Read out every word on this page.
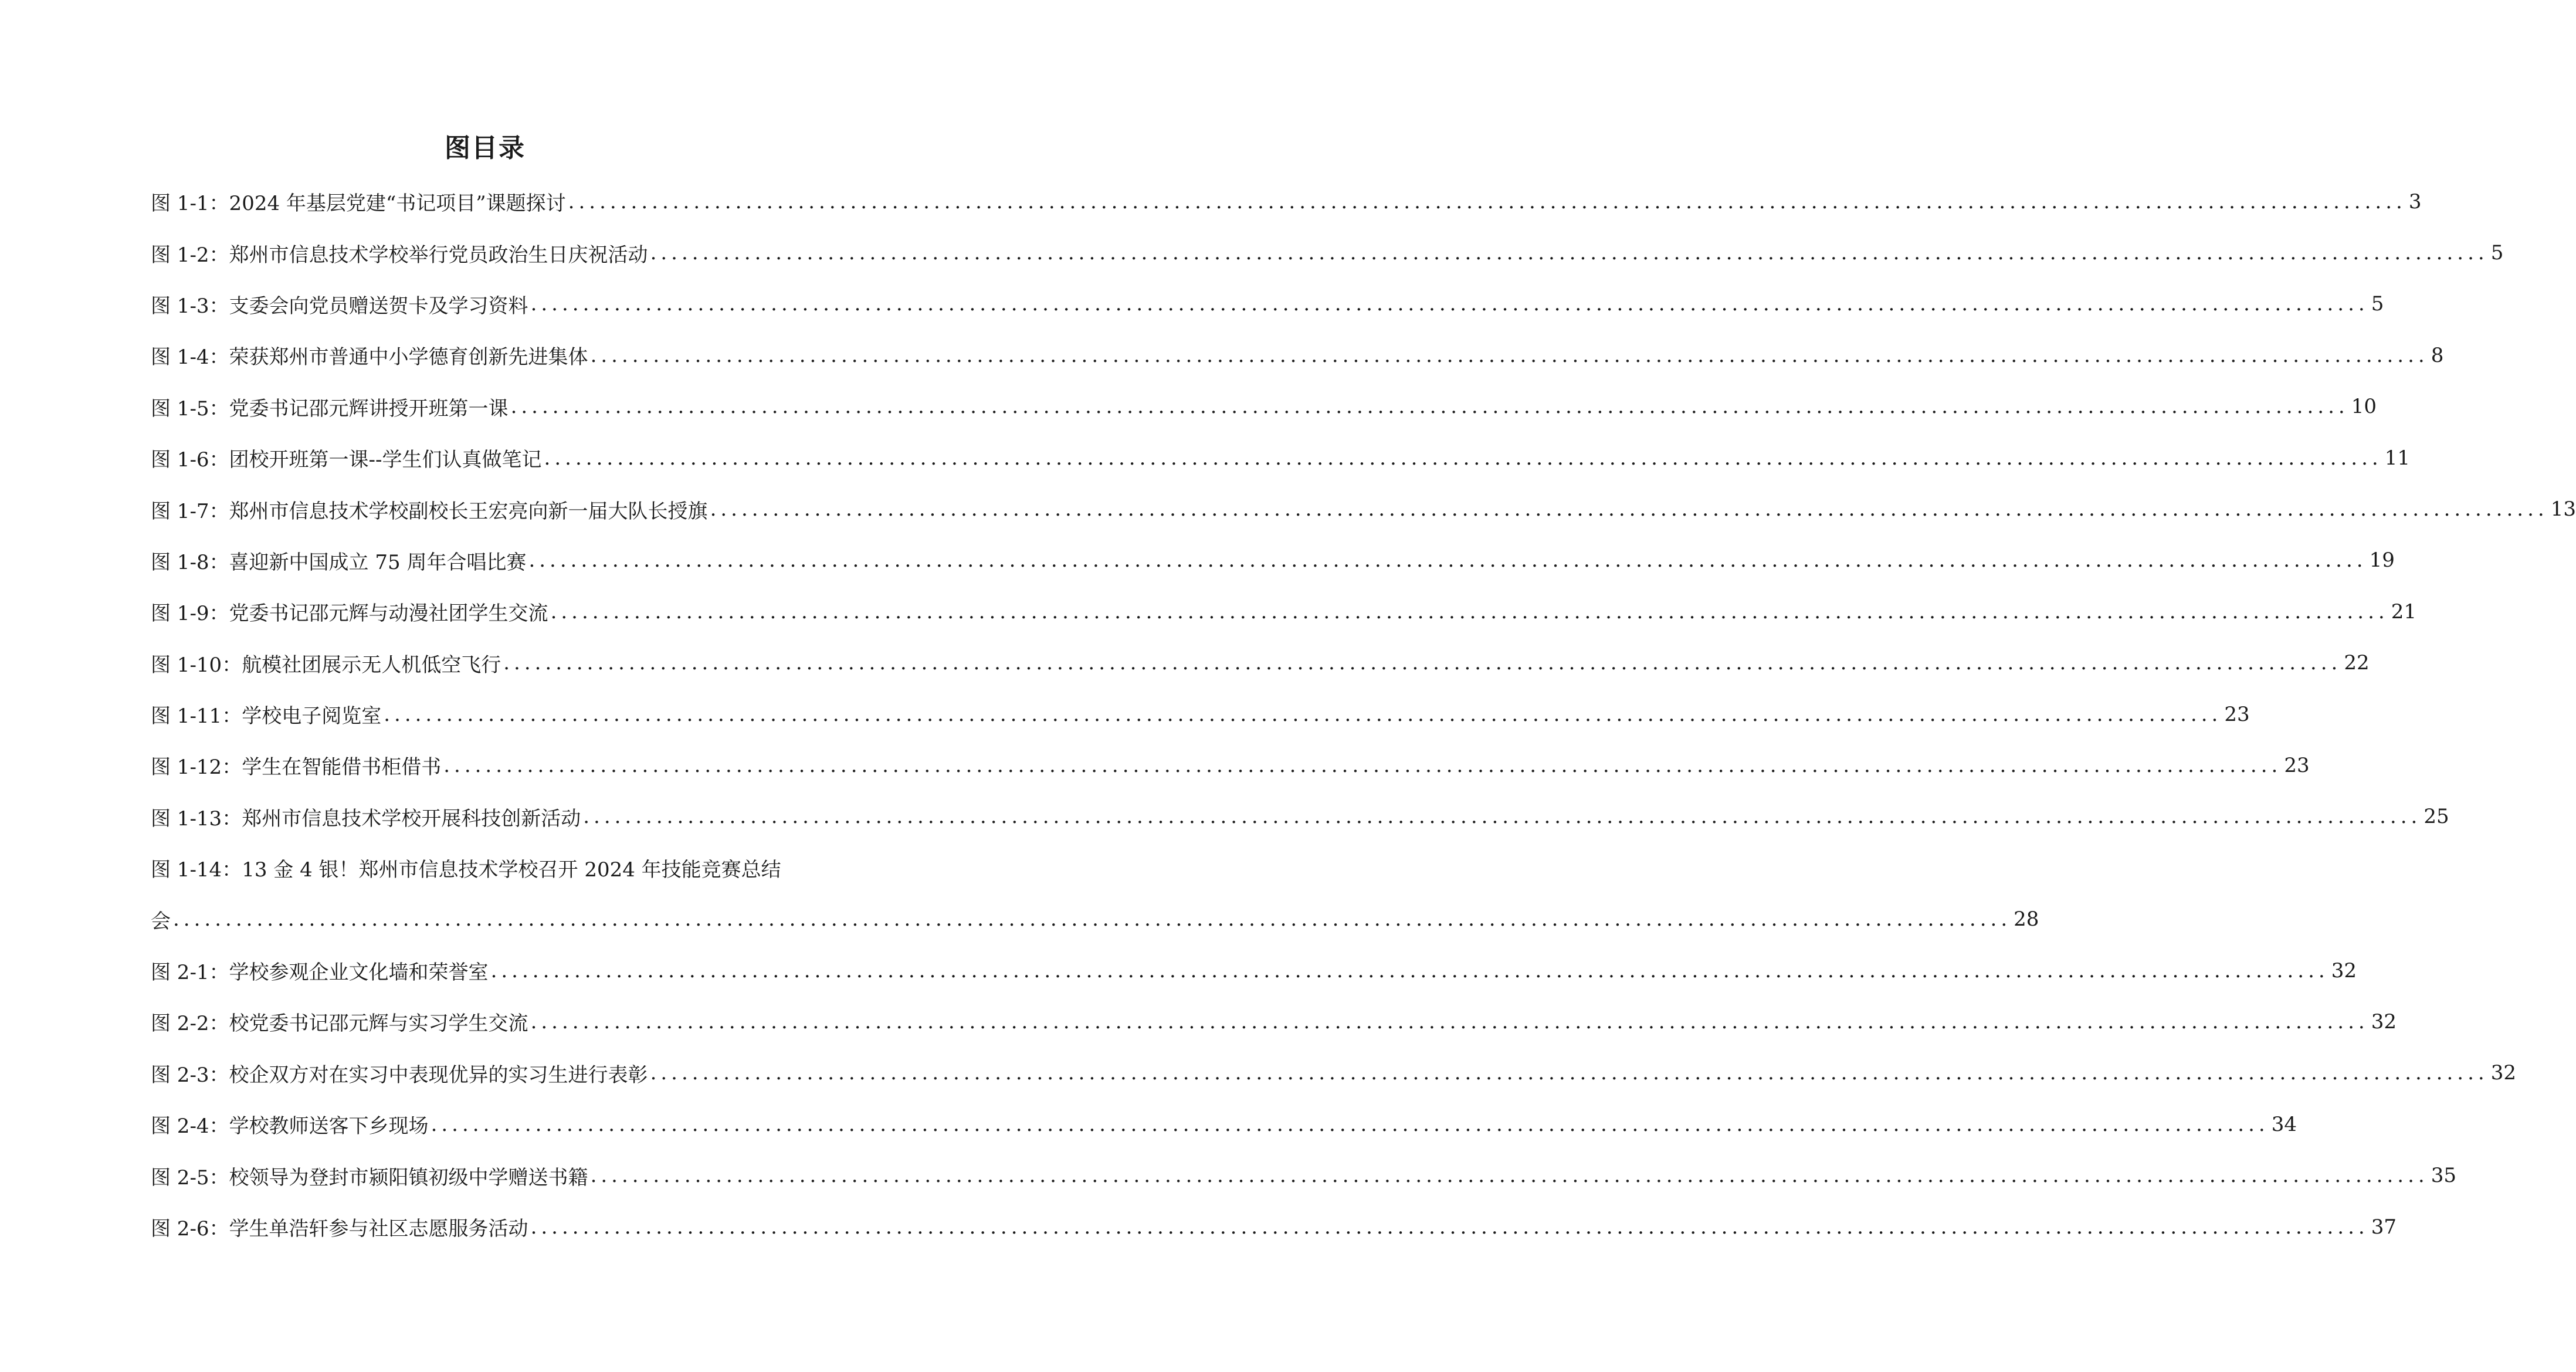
图目录
图 1-1：2024 年基层党建“书记项目”课题探讨 .....	3
图 1-2：郑州市信息技术学校举行党员政治生日庆祝活动 .....	5
图 1-3：支委会向党员赠送贺卡及学习资料 .....	5
图 1-4：荣获郑州市普通中小学德育创新先进集体 .....	8
图 1-5：党委书记邵元辉讲授开班第一课 .....	10
图 1-6：团校开班第一课--学生们认真做笔记 .....	11
图 1-7：郑州市信息技术学校副校长王宏亮向新一届大队长授旗 .....	13
图 1-8：喜迎新中国成立 75 周年合唱比赛 .....	19
图 1-9：党委书记邵元辉与动漫社团学生交流 .....	21
图 1-10：航模社团展示无人机低空飞行 .....	22
图 1-11：学校电子阅览室 .....	23
图 1-12：学生在智能借书柜借书 .....	23
图 1-13：郑州市信息技术学校开展科技创新活动 .....	25
图 1-14：13 金 4 银！郑州市信息技术学校召开 2024 年技能竞赛总结
会 .....	28
图 2-1：学校参观企业文化墙和荣誉室 .....	32
图 2-2：校党委书记邵元辉与实习学生交流 .....	32
图 2-3：校企双方对在实习中表现优异的实习生进行表彰 .....	32
图 2-4：学校教师送客下乡现场 .....	34
图 2-5：校领导为登封市颍阳镇初级中学赠送书籍 .....	35
图 2-6：学生单浩轩参与社区志愿服务活动 .....	37
